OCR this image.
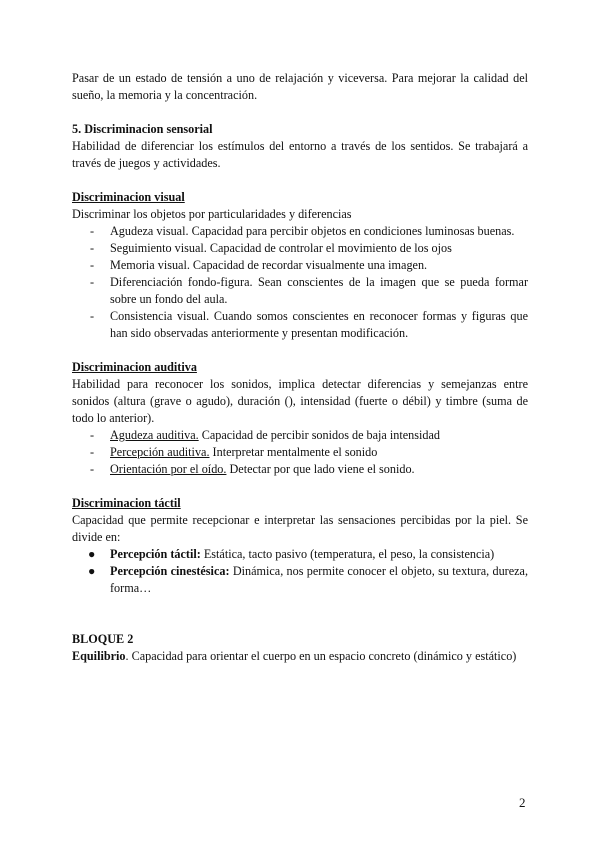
Pasar de un estado de tensión a uno de relajación y viceversa. Para mejorar la calidad del sueño, la memoria y la concentración.

5. Discriminacion sensorial

Habilidad de diferenciar los estímulos del entorno a través de los sentidos. Se trabajará a través de juegos y actividades.

Discriminacion visual

Discriminar los objetos por particularidades y diferencias

- Agudeza visual. Capacidad para percibir objetos en condiciones luminosas buenas.
- Seguimiento visual. Capacidad de controlar el movimiento de los ojos
- Memoria visual. Capacidad de recordar visualmente una imagen.
- Diferenciación fondo-figura. Sean conscientes de la imagen que se pueda formar sobre un fondo del aula.
- Consistencia visual. Cuando somos conscientes en reconocer formas y figuras que han sido observadas anteriormente y presentan modificación.

Discriminacion auditiva

Habilidad para reconocer los sonidos, implica detectar diferencias y semejanzas entre sonidos (altura (grave o agudo), duración (), intensidad (fuerte o débil) y timbre (suma de todo lo anterior).

- Agudeza auditiva. Capacidad de percibir sonidos de baja intensidad
- Percepción auditiva. Interpretar mentalmente el sonido
- Orientación por el oído. Detectar por que lado viene el sonido.

Discriminacion táctil

Capacidad que permite recepcionar e interpretar las sensaciones percibidas por la piel. Se divide en:

● Percepción táctil: Estática, tacto pasivo (temperatura, el peso, la consistencia)
● Percepción cinestésica: Dinámica, nos permite conocer el objeto, su textura, dureza, forma…

BLOQUE 2

Equilibrio. Capacidad para orientar el cuerpo en un espacio concreto (dinámico y estático)

2
